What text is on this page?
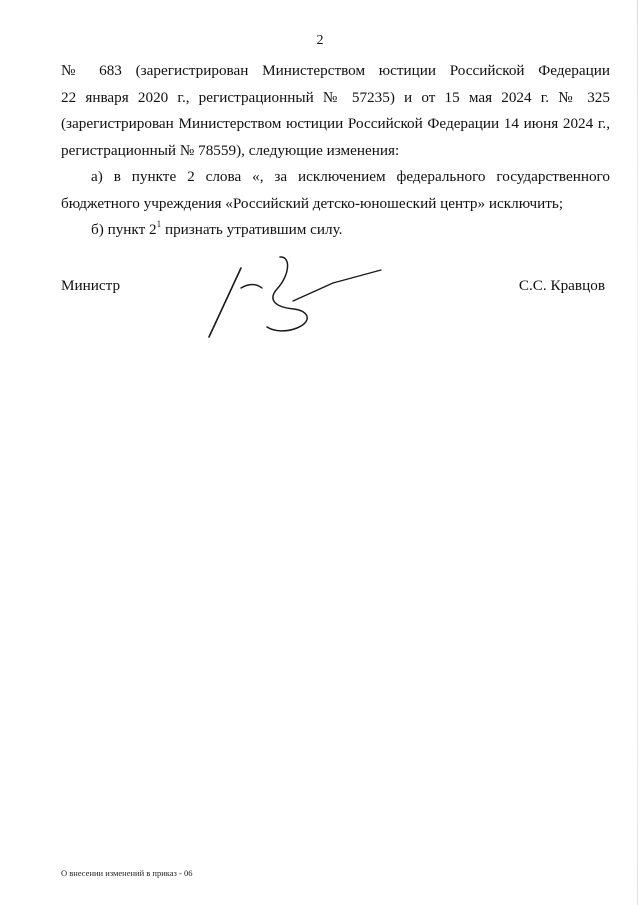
2

№ 683 (зарегистрирован Министерством юстиции Российской Федерации

22 января 2020 г., регистрационный № 57235) и от 15 мая 2024 г. № 325

(зарегистрирован Министерством юстиции Российской Федерации 14 июня 2024 г.,

регистрационный № 78559), следующие изменения:

а) в пункте 2 слова «, за исключением федерального государственного бюджетного учреждения «Российский детско-юношеский центр» исключить;

б) пункт $2^1$ признать утратившим силу.

Министр	С.С. Кравцов
О внесении изменений в приказ - 06
